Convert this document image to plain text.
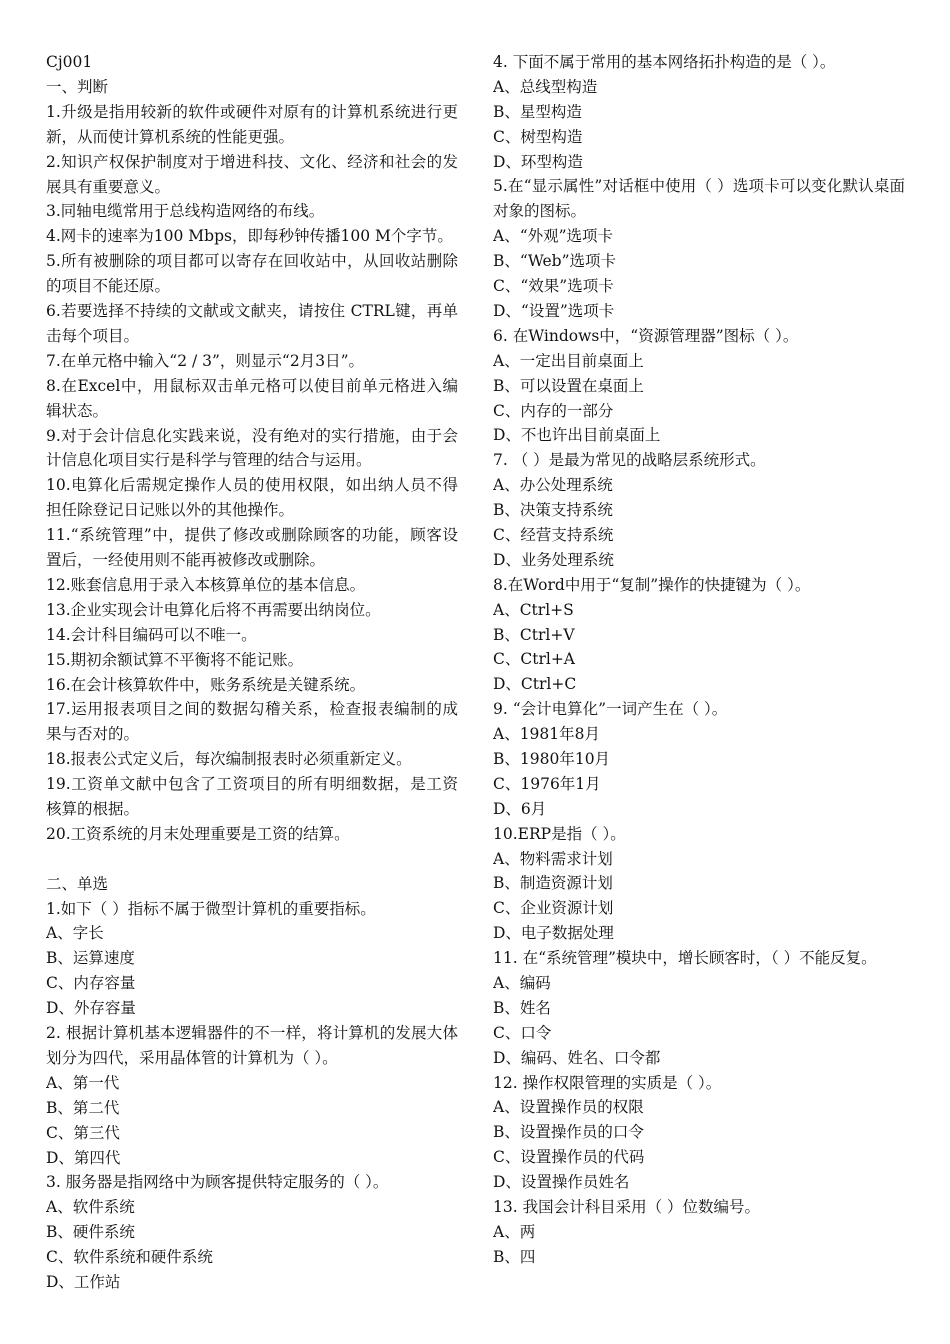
Cj001
一、判断
1.升级是指用较新的软件或硬件对原有的计算机系统进行更新，从而使计算机系统的性能更强。
2.知识产权保护制度对于增进科技、文化、经济和社会的发展具有重要意义。
3.同轴电缆常用于总线构造网络的布线。
4.网卡的速率为100 Mbps，即每秒钟传播100 M个字节。
5.所有被删除的项目都可以寄存在回收站中，从回收站删除的项目不能还原。
6.若要选择不持续的文献或文献夹，请按住 CTRL键，再单击每个项目。
7.在单元格中输入“2 / 3”，则显示“2月3日”。
8.在Excel中，用鼠标双击单元格可以使目前单元格进入编辑状态。
9.对于会计信息化实践来说，没有绝对的实行措施，由于会计信息化项目实行是科学与管理的结合与运用。
10.电算化后需规定操作人员的使用权限，如出纳人员不得担任除登记日记账以外的其他操作。
11.“系统管理”中，提供了修改或删除顾客的功能，顾客设置后，一经使用则不能再被修改或删除。
12.账套信息用于录入本核算单位的基本信息。
13.企业实现会计电算化后将不再需要出纳岗位。
14.会计科目编码可以不唯一。
15.期初余额试算不平衡将不能记账。
16.在会计核算软件中，账务系统是关键系统。
17.运用报表项目之间的数据勾稽关系，检查报表编制的成果与否对的。
18.报表公式定义后，每次编制报表时必须重新定义。
19.工资单文献中包含了工资项目的所有明细数据，是工资核算的根据。
20.工资系统的月末处理重要是工资的结算。
二、单选
1.如下（ ）指标不属于微型计算机的重要指标。
A、字长
B、运算速度
C、内存容量
D、外存容量
2. 根据计算机基本逻辑器件的不一样，将计算机的发展大体划分为四代，采用晶体管的计算机为（ ）。
A、第一代
B、第二代
C、第三代
D、第四代
3. 服务器是指网络中为顾客提供特定服务的（ ）。
A、软件系统
B、硬件系统
C、软件系统和硬件系统
D、工作站
4. 下面不属于常用的基本网络拓扑构造的是（ ）。
A、总线型构造
B、星型构造
C、树型构造
D、环型构造
5.在“显示属性”对话框中使用（ ）选项卡可以变化默认桌面对象的图标。
A、“外观”选项卡
B、“Web”选项卡
C、“效果”选项卡
D、“设置”选项卡
6. 在Windows中，“资源管理器”图标（ ）。
A、一定出目前桌面上
B、可以设置在桌面上
C、内存的一部分
D、不也许出目前桌面上
7. （ ）是最为常见的战略层系统形式。
A、办公处理系统
B、决策支持系统
C、经营支持系统
D、业务处理系统
8.在Word中用于“复制”操作的快捷键为（ ）。
A、Ctrl+S
B、Ctrl+V
C、Ctrl+A
D、Ctrl+C
9. “会计电算化”一词产生在（ ）。
A、1981年8月
B、1980年10月
C、1976年1月
D、6月
10.ERP是指（ ）。
A、物料需求计划
B、制造资源计划
C、企业资源计划
D、电子数据处理
11. 在“系统管理”模块中，增长顾客时，（ ）不能反复。
A、编码
B、姓名
C、口令
D、编码、姓名、口令都
12. 操作权限管理的实质是（ ）。
A、设置操作员的权限
B、设置操作员的口令
C、设置操作员的代码
D、设置操作员姓名
13. 我国会计科目采用（ ）位数编号。
A、两
B、四
